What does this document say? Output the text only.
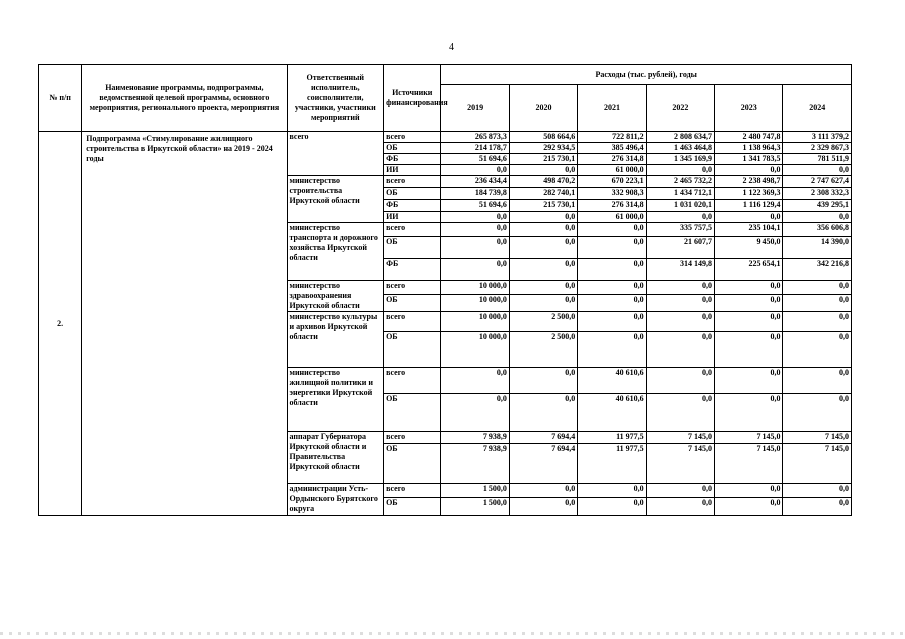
4
№ п/п	Наименование программы, подпрограммы, ведомственной целевой программы, основного мероприятия, регионального проекта, мероприятия	Ответственный исполнитель, соисполнители, участники, участники мероприятий	Источники финансирования	Расходы (тыс. рублей), годы					
				2019	2020	2021	2022	2023	2024
2.	Подпрограмма «Стимулирование жилищного строительства в Иркутской области» на 2019 - 2024 годы	всего	всего	265 873,3	508 664,6	722 811,2	2 808 634,7	2 480 747,8	3 111 379,2
			ОБ	214 178,7	292 934,5	385 496,4	1 463 464,8	1 138 964,3	2 329 867,3
			ФБ	51 694,6	215 730,1	276 314,8	1 345 169,9	1 341 783,5	781 511,9
			ИИ	0,0	0,0	61 000,0	0,0	0,0	0,0
		министерство строительства Иркутской области	всего	236 434,4	498 470,2	670 223,1	2 465 732,2	2 238 498,7	2 747 627,4
			ОБ	184 739,8	282 740,1	332 908,3	1 434 712,1	1 122 369,3	2 308 332,3
			ФБ	51 694,6	215 730,1	276 314,8	1 031 020,1	1 116 129,4	439 295,1
			ИИ	0,0	0,0	61 000,0	0,0	0,0	0,0
		министерство транспорта и дорожного хозяйства Иркутской области	всего	0,0	0,0	0,0	335 757,5	235 104,1	356 606,8
			ОБ	0,0	0,0	0,0	21 607,7	9 450,0	14 390,0
			ФБ	0,0	0,0	0,0	314 149,8	225 654,1	342 216,8
		министерство здравоохранения Иркутской области	всего	10 000,0	0,0	0,0	0,0	0,0	0,0
			ОБ	10 000,0	0,0	0,0	0,0	0,0	0,0
		министерство культуры и архивов Иркутской области	всего	10 000,0	2 500,0	0,0	0,0	0,0	0,0
			ОБ	10 000,0	2 500,0	0,0	0,0	0,0	0,0
		министерство жилищной политики и энергетики Иркутской области	всего	0,0	0,0	40 610,6	0,0	0,0	0,0
			ОБ	0,0	0,0	40 610,6	0,0	0,0	0,0
		аппарат Губернатора Иркутской области и Правительства Иркутской области	всего	7 938,9	7 694,4	11 977,5	7 145,0	7 145,0	7 145,0
			ОБ	7 938,9	7 694,4	11 977,5	7 145,0	7 145,0	7 145,0
		администрации Усть-Ордынского Бурятского округа	всего	1 500,0	0,0	0,0	0,0	0,0	0,0
			ОБ	1 500,0	0,0	0,0	0,0	0,0	0,0
